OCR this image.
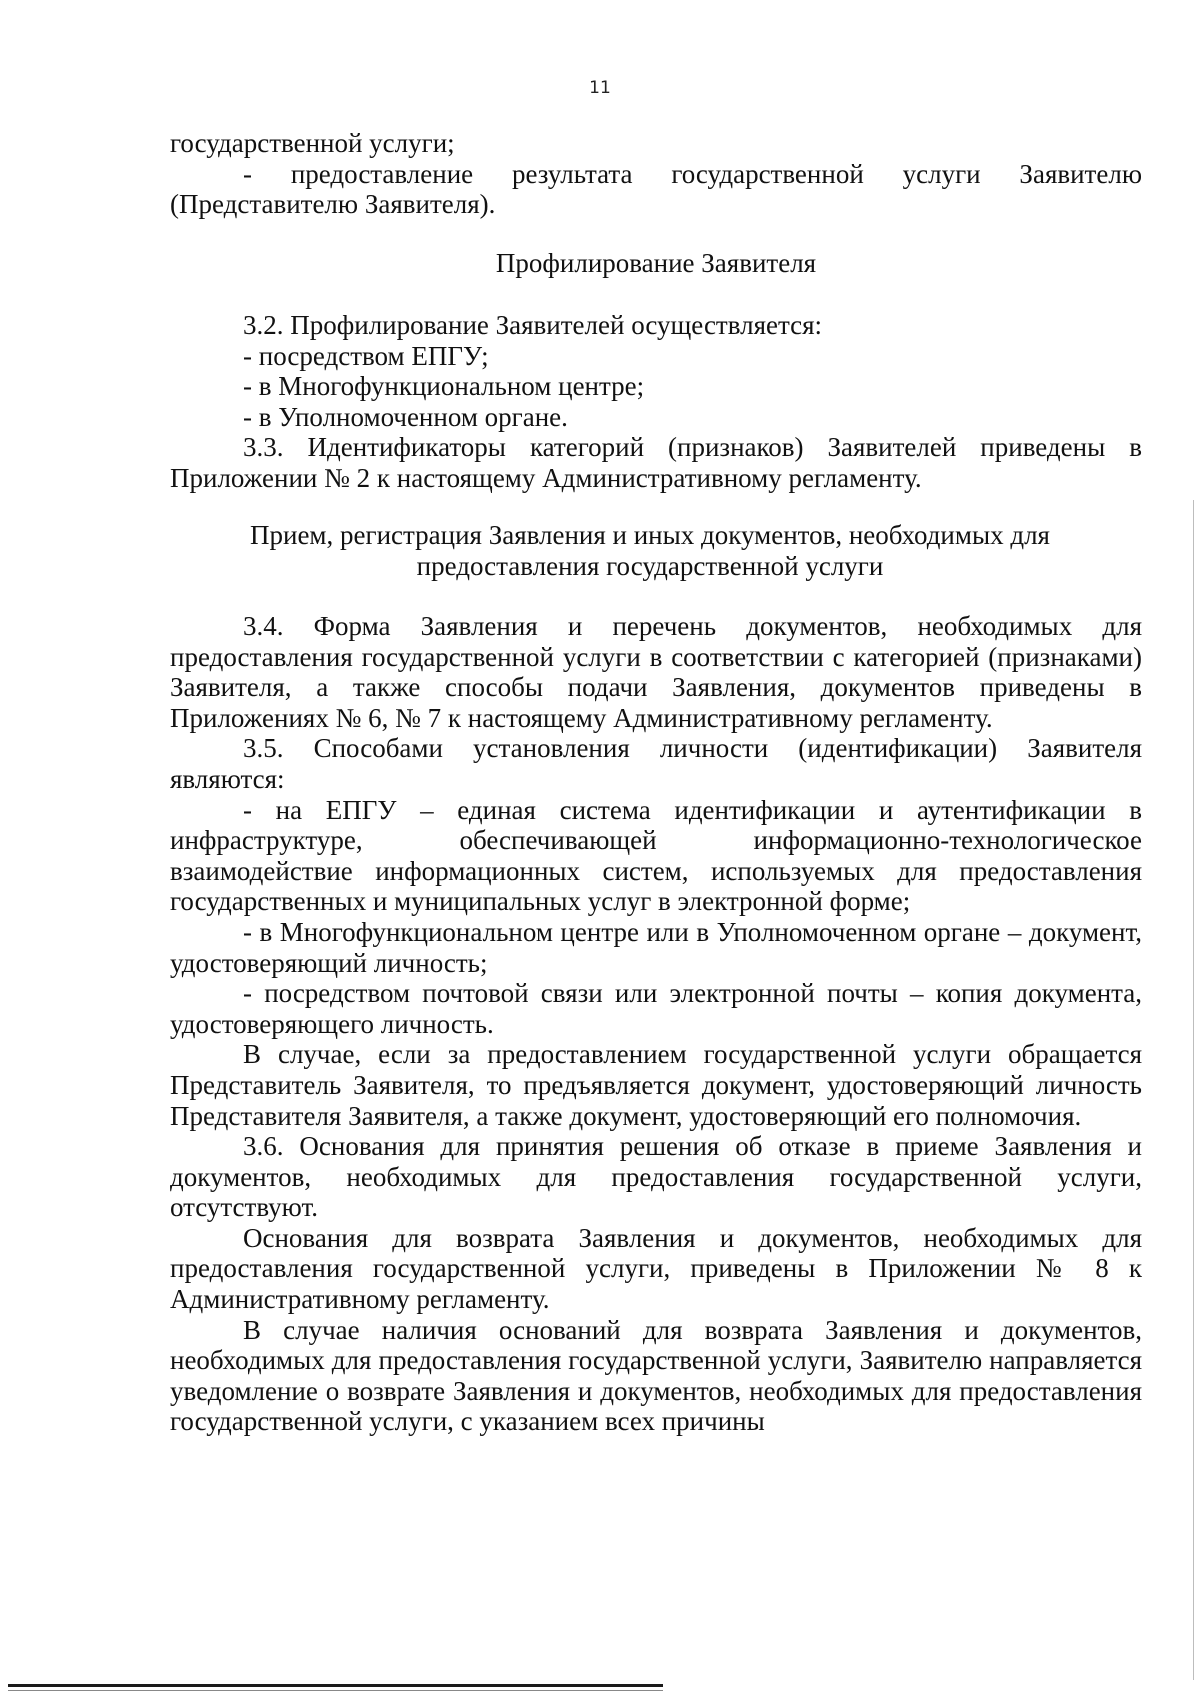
11

государственной услуги;

- предоставление результата государственной услуги Заявителю (Представителю Заявителя).

Профилирование Заявителя

3.2. Профилирование Заявителей осуществляется:

- посредством ЕПГУ;

- в Многофункциональном центре;

- в Уполномоченном органе.

3.3. Идентификаторы категорий (признаков) Заявителей приведены в Приложении № 2 к настоящему Административному регламенту.

Прием, регистрация Заявления и иных документов, необходимых для предоставления государственной услуги

3.4. Форма Заявления и перечень документов, необходимых для предоставления государственной услуги в соответствии с категорией (признаками) Заявителя, а также способы подачи Заявления, документов приведены в Приложениях № 6, № 7 к настоящему Административному регламенту.

3.5. Способами установления личности (идентификации) Заявителя являются:

- на ЕПГУ – единая система идентификации и аутентификации в инфраструктуре, обеспечивающей информационно-технологическое взаимодействие информационных систем, используемых для предоставления государственных и муниципальных услуг в электронной форме;

- в Многофункциональном центре или в Уполномоченном органе – документ, удостоверяющий личность;

- посредством почтовой связи или электронной почты – копия документа, удостоверяющего личность.

В случае, если за предоставлением государственной услуги обращается Представитель Заявителя, то предъявляется документ, удостоверяющий личность Представителя Заявителя, а также документ, удостоверяющий его полномочия.

3.6. Основания для принятия решения об отказе в приеме Заявления и документов, необходимых для предоставления государственной услуги, отсутствуют.

Основания для возврата Заявления и документов, необходимых для предоставления государственной услуги, приведены в Приложении № 8 к Административному регламенту.

В случае наличия оснований для возврата Заявления и документов, необходимых для предоставления государственной услуги, Заявителю направляется уведомление о возврате Заявления и документов, необходимых для предоставления государственной услуги, с указанием всех причины
